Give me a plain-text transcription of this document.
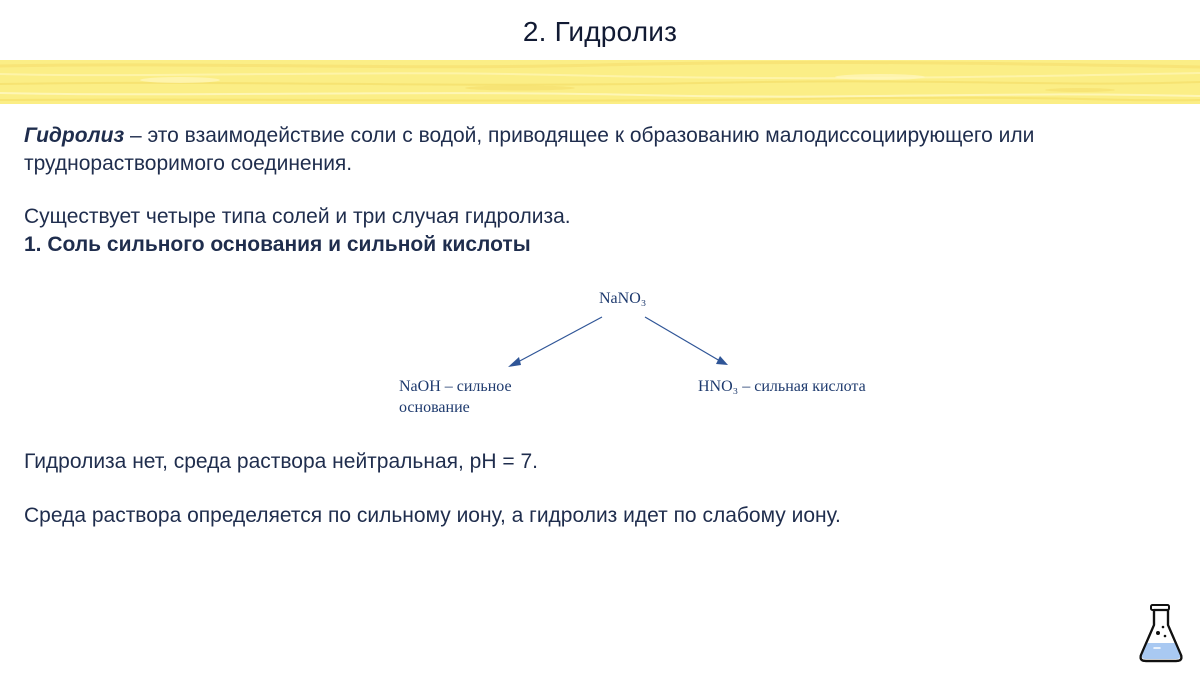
2. Гидролиз
Гидролиз – это взаимодействие соли с водой, приводящее к образованию малодиссоциирующего или труднорастворимого соединения.
Существует четыре типа солей и три случая гидролиза.
1. Соль сильного основания и сильной кислоты
NaNO₃
NaOH – сильное основание
HNO₃ – сильная кислота
Гидролиза нет, среда раствора нейтральная, pH = 7.
Среда раствора определяется по сильному иону, а гидролиз идет по слабому иону.
